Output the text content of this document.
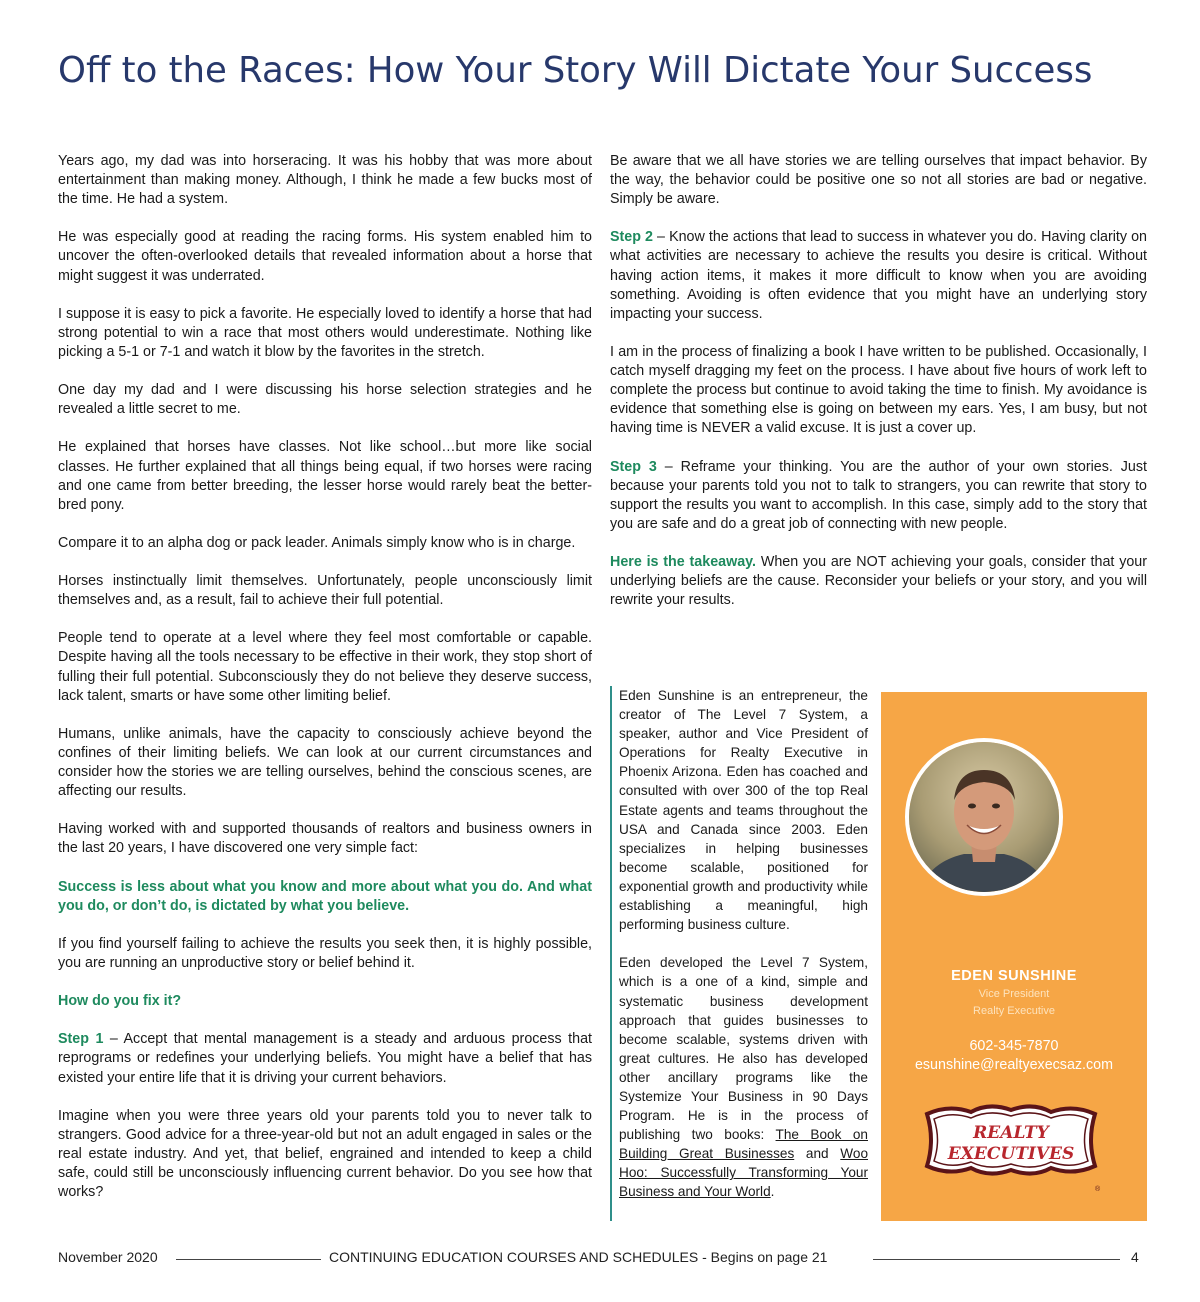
Off to the Races: How Your Story Will Dictate Your Success

Years ago, my dad was into horseracing. It was his hobby that was more about entertainment than making money. Although, I think he made a few bucks most of the time. He had a system.

He was especially good at reading the racing forms. His system enabled him to uncover the often-overlooked details that revealed information about a horse that might suggest it was underrated.

I suppose it is easy to pick a favorite. He especially loved to identify a horse that had strong potential to win a race that most others would underestimate. Nothing like picking a 5-1 or 7-1 and watch it blow by the favorites in the stretch.

One day my dad and I were discussing his horse selection strategies and he revealed a little secret to me.

He explained that horses have classes. Not like school…but more like social classes. He further explained that all things being equal, if two horses were racing and one came from better breeding, the lesser horse would rarely beat the better-bred pony.

Compare it to an alpha dog or pack leader. Animals simply know who is in charge.

Horses instinctually limit themselves. Unfortunately, people unconsciously limit themselves and, as a result, fail to achieve their full potential.

People tend to operate at a level where they feel most comfortable or capable. Despite having all the tools necessary to be effective in their work, they stop short of fulling their full potential. Subconsciously they do not believe they deserve success, lack talent, smarts or have some other limiting belief.

Humans, unlike animals, have the capacity to consciously achieve beyond the confines of their limiting beliefs. We can look at our current circumstances and consider how the stories we are telling ourselves, behind the conscious scenes, are affecting our results.

Having worked with and supported thousands of realtors and business owners in the last 20 years, I have discovered one very simple fact:

Success is less about what you know and more about what you do. And what you do, or don’t do, is dictated by what you believe.

If you find yourself failing to achieve the results you seek then, it is highly possible, you are running an unproductive story or belief behind it.

How do you fix it?

Step 1 – Accept that mental management is a steady and arduous process that reprograms or redefines your underlying beliefs. You might have a belief that has existed your entire life that it is driving your current behaviors.

Imagine when you were three years old your parents told you to never talk to strangers. Good advice for a three-year-old but not an adult engaged in sales or the real estate industry. And yet, that belief, engrained and intended to keep a child safe, could still be unconsciously influencing current behavior. Do you see how that works?

Be aware that we all have stories we are telling ourselves that impact behavior. By the way, the behavior could be positive one so not all stories are bad or negative. Simply be aware.

Step 2 – Know the actions that lead to success in whatever you do. Having clarity on what activities are necessary to achieve the results you desire is critical. Without having action items, it makes it more difficult to know when you are avoiding something. Avoiding is often evidence that you might have an underlying story impacting your success.

I am in the process of finalizing a book I have written to be published. Occasionally, I catch myself dragging my feet on the process. I have about five hours of work left to complete the process but continue to avoid taking the time to finish. My avoidance is evidence that something else is going on between my ears. Yes, I am busy, but not having time is NEVER a valid excuse. It is just a cover up.

Step 3 – Reframe your thinking. You are the author of your own stories. Just because your parents told you not to talk to strangers, you can rewrite that story to support the results you want to accomplish. In this case, simply add to the story that you are safe and do a great job of connecting with new people.

Here is the takeaway. When you are NOT achieving your goals, consider that your underlying beliefs are the cause. Reconsider your beliefs or your story, and you will rewrite your results.

Eden Sunshine is an entrepreneur, the creator of The Level 7 System, a speaker, author and Vice President of Operations for Realty Executive in Phoenix Arizona. Eden has coached and consulted with over 300 of the top Real Estate agents and teams throughout the USA and Canada since 2003. Eden specializes in helping businesses become scalable, positioned for exponential growth and productivity while establishing a meaningful, high performing business culture.

Eden developed the Level 7 System, which is a one of a kind, simple and systematic business development approach that guides businesses to become scalable, systems driven with great cultures. He also has developed other ancillary programs like the Systemize Your Business in 90 Days Program. He is in the process of publishing two books: The Book on Building Great Businesses and Woo Hoo: Successfully Transforming Your Business and Your World.

EDEN SUNSHINE
Vice President
Realty Executive
602-345-7870
esunshine@realtyexecsaz.com
REALTY
EXECUTIVES
®
November 2020	CONTINUING EDUCATION COURSES AND SCHEDULES - Begins on page 21	4
